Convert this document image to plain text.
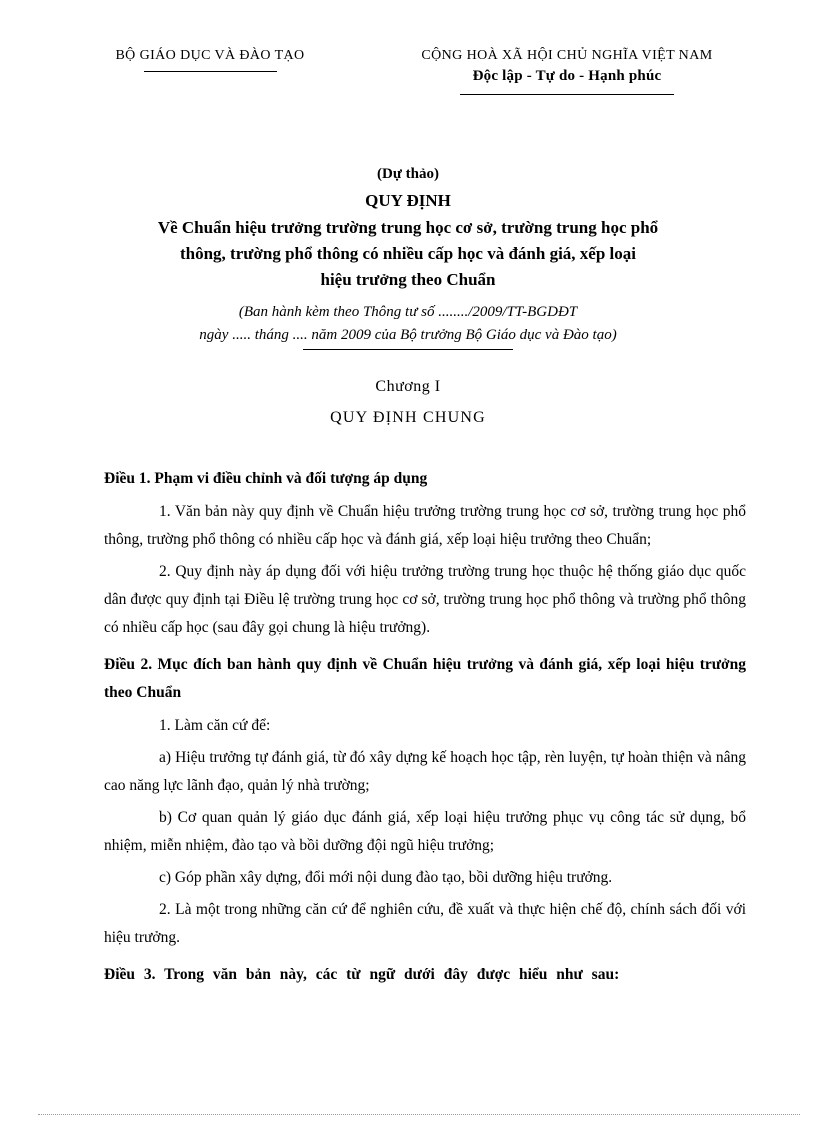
BỘ GIÁO DỤC VÀ ĐÀO TẠO	CỘNG HOÀ XÃ HỘI CHỦ NGHĨA VIỆT NAM
Độc lập - Tự do - Hạnh phúc
(Dự thảo)
QUY ĐỊNH
Về Chuẩn hiệu trưởng trường trung học cơ sở, trường trung học phổ
thông, trường phổ thông có nhiều cấp học và đánh giá, xếp loại
hiệu trưởng theo Chuẩn
(Ban hành kèm theo Thông tư số ......../2009/TT-BGDĐT
ngày ..... tháng .... năm 2009 của Bộ trưởng Bộ Giáo dục và Đào tạo)
Chương I
QUY ĐỊNH CHUNG
Điều 1. Phạm vi điều chỉnh và đối tượng áp dụng

1. Văn bản này quy định về Chuẩn hiệu trưởng trường trung học cơ sở, trường trung học phổ thông, trường phổ thông có nhiều cấp học và đánh giá, xếp loại hiệu trưởng theo Chuẩn;

2. Quy định này áp dụng đối với hiệu trưởng trường trung học thuộc hệ thống giáo dục quốc dân được quy định tại Điều lệ trường trung học cơ sở, trường trung học phổ thông và trường phổ thông có nhiều cấp học (sau đây gọi chung là hiệu trưởng).

Điều 2. Mục đích ban hành quy định về Chuẩn hiệu trưởng và đánh giá, xếp loại hiệu trưởng theo Chuẩn

1. Làm căn cứ để:

a) Hiệu trưởng tự đánh giá, từ đó xây dựng kế hoạch học tập, rèn luyện, tự hoàn thiện và nâng cao năng lực lãnh đạo, quản lý nhà trường;

b) Cơ quan quản lý giáo dục đánh giá, xếp loại hiệu trưởng phục vụ công tác sử dụng, bổ nhiệm, miễn nhiệm, đào tạo và bồi dưỡng đội ngũ hiệu trưởng;

c) Góp phần xây dựng, đổi mới nội dung đào tạo, bồi dưỡng hiệu trưởng.

2. Là một trong những căn cứ để nghiên cứu, đề xuất và thực hiện chế độ, chính sách đối với hiệu trưởng.

Điều 3. Trong văn bản này, các từ ngữ dưới đây được hiểu như sau:
